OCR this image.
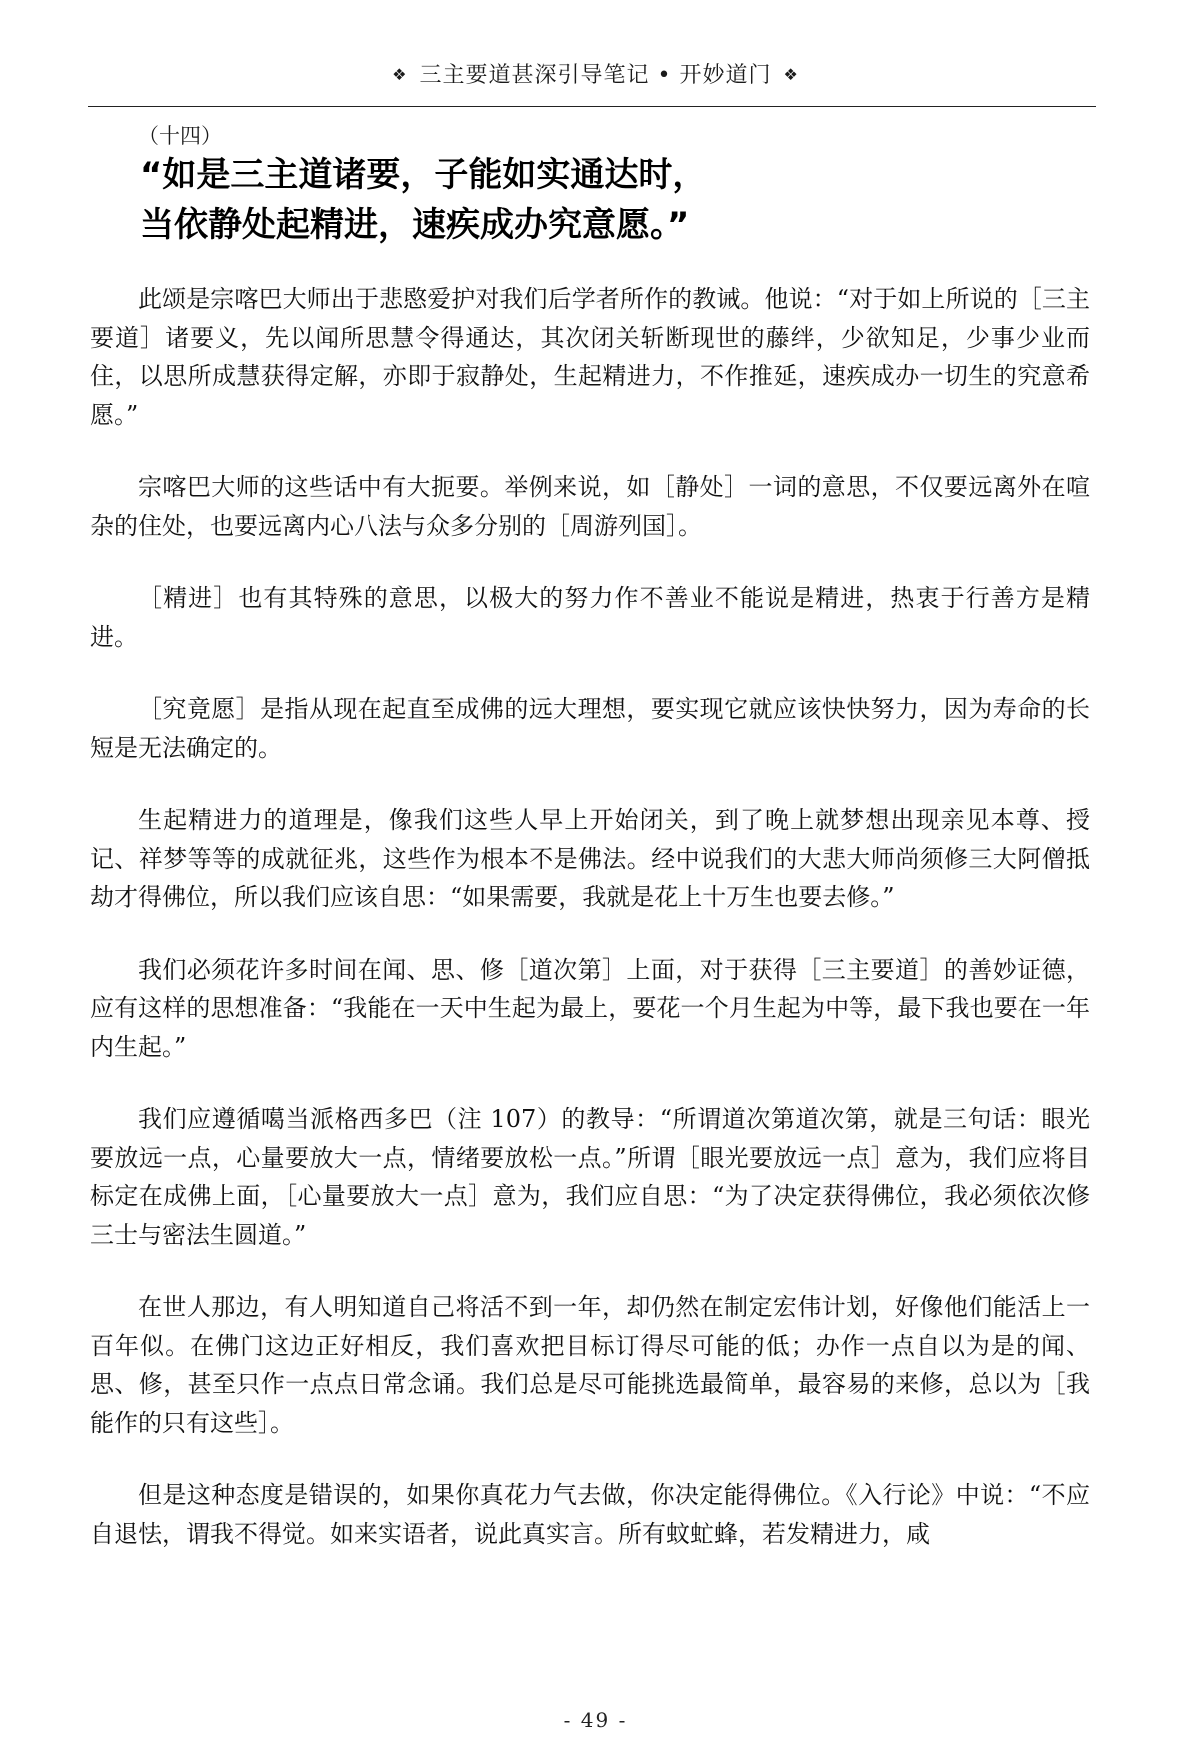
❖ 三主要道甚深引导笔记 • 开妙道门 ❖
（十四）
“如是三主道诸要，子能如实通达时，
当依静处起精进，速疾成办究意愿。”

此颂是宗喀巴大师出于悲愍爱护对我们后学者所作的教诫。他说：“对于如上所说的［三主要道］诸要义，先以闻所思慧令得通达，其次闭关斩断现世的藤绊，少欲知足，少事少业而住，以思所成慧获得定解，亦即于寂静处，生起精进力，不作推延，速疾成办一切生的究意希愿。”

宗喀巴大师的这些话中有大扼要。举例来说，如［静处］一词的意思，不仅要远离外在喧杂的住处，也要远离内心八法与众多分别的［周游列国］。

［精进］也有其特殊的意思，以极大的努力作不善业不能说是精进，热衷于行善方是精进。

［究竟愿］是指从现在起直至成佛的远大理想，要实现它就应该快快努力，因为寿命的长短是无法确定的。

生起精进力的道理是，像我们这些人早上开始闭关，到了晚上就梦想出现亲见本尊、授记、祥梦等等的成就征兆，这些作为根本不是佛法。经中说我们的大悲大师尚须修三大阿僧抵劫才得佛位，所以我们应该自思：“如果需要，我就是花上十万生也要去修。”

我们必须花许多时间在闻、思、修［道次第］上面，对于获得［三主要道］的善妙证德，应有这样的思想准备：“我能在一天中生起为最上，要花一个月生起为中等，最下我也要在一年内生起。”

我们应遵循噶当派格西多巴（注 107）的教导：“所谓道次第道次第，就是三句话：眼光要放远一点，心量要放大一点，情绪要放松一点。”所谓［眼光要放远一点］意为，我们应将目标定在成佛上面，［心量要放大一点］意为，我们应自思：“为了决定获得佛位，我必须依次修三士与密法生圆道。”

在世人那边，有人明知道自己将活不到一年，却仍然在制定宏伟计划，好像他们能活上一百年似。在佛门这边正好相反，我们喜欢把目标订得尽可能的低；办作一点自以为是的闻、思、修，甚至只作一点点日常念诵。我们总是尽可能挑选最简单，最容易的来修，总以为［我能作的只有这些］。

但是这种态度是错误的，如果你真花力气去做，你决定能得佛位。《入行论》中说：“不应自退怯，谓我不得觉。如来实语者，说此真实言。所有蚊虻蜂，若发精进力，咸

- 49 -
